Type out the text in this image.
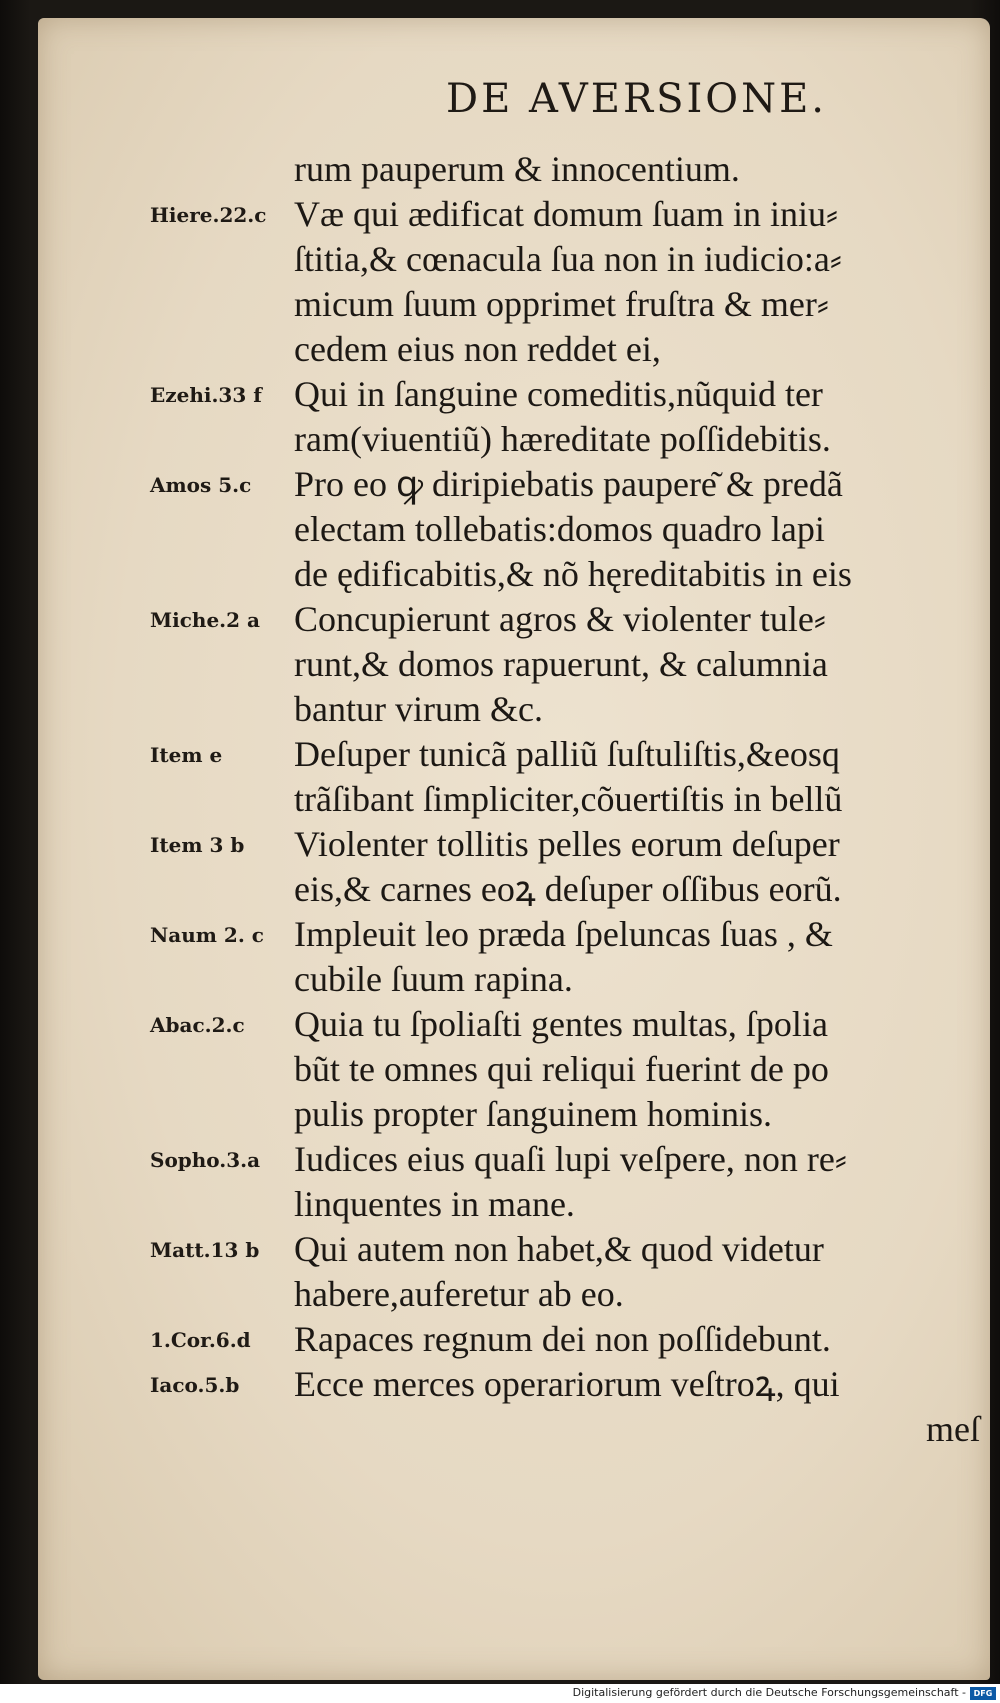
DE AVERSIONE.
rum pauperum & innocentium.
Hiere.22.c Væ qui ædificat domum ſuam in iniu⸗
ſtitia,& cœnacula ſua non in iudicio:a⸗
micum ſuum opprimet fruſtra & mer⸗
cedem eius non reddet ei,
Ezehi.33 f Qui in ſanguine comeditis,nũquid ter
ram(viuentiũ) hæreditate poſſidebitis.
Amos 5.c Pro eo ꝙ diripiebatis paupere͂ & predã
electam tollebatis:domos quadro lapi
de ędificabitis,& nõ hęreditabitis in eis
Miche.2 a Concupierunt agros & violenter tule⸗
runt,& domos rapuerunt, & calumnia
bantur virum &c.
Item e Deſuper tunicã palliũ ſuſtuliſtis,&eosq
trãſibant ſimpliciter,cõuertiſtis in bellũ
Item 3 b Violenter tollitis pelles eorum deſuper
eis,& carnes eoꝝ deſuper oſſibus eorũ.
Naum 2. c Impleuit leo præda ſpeluncas ſuas , &
cubile ſuum rapina.
Abac.2.c Quia tu ſpoliaſti gentes multas, ſpolia
bũt te omnes qui reliqui fuerint de po
pulis propter ſanguinem hominis.
Sopho.3.a Iudices eius quaſi lupi veſpere, non re⸗
linquentes in mane.
Matt.13 b Qui autem non habet,& quod videtur
habere,auferetur ab eo.
1.Cor.6.d Rapaces regnum dei non poſſidebunt.
Iaco.5.b Ecce merces operariorum veſtroꝝ, qui
meſ
Digitalisierung gefördert durch die Deutsche Forschungsgemeinschaft - DFG
